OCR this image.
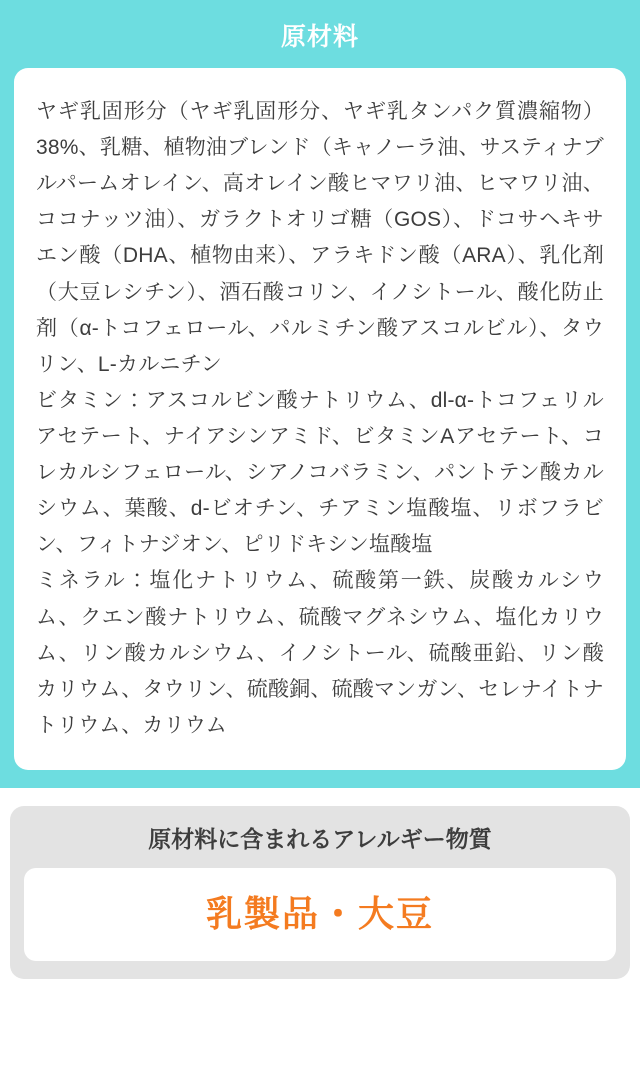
原材料

ヤギ乳固形分（ヤギ乳固形分、ヤギ乳タンパク質濃縮物）38%、乳糖、植物油ブレンド（キャノーラ油、サスティナブルパームオレイン、高オレイン酸ヒマワリ油、ヒマワリ油、ココナッツ油）、ガラクトオリゴ糖（GOS）、ドコサヘキサエン酸（DHA、植物由来）、アラキドン酸（ARA）、乳化剤（大豆レシチン）、酒石酸コリン、イノシトール、酸化防止剤（α-トコフェロール、パルミチン酸アスコルビル）、タウリン、L-カルニチン

ビタミン：アスコルビン酸ナトリウム、dl-α-トコフェリルアセテート、ナイアシンアミド、ビタミンAアセテート、コレカルシフェロール、シアノコバラミン、パントテン酸カルシウム、葉酸、d-ビオチン、チアミン塩酸塩、リボフラビン、フィトナジオン、ピリドキシン塩酸塩

ミネラル：塩化ナトリウム、硫酸第一鉄、炭酸カルシウム、クエン酸ナトリウム、硫酸マグネシウム、塩化カリウム、リン酸カルシウム、イノシトール、硫酸亜鉛、リン酸カリウム、タウリン、硫酸銅、硫酸マンガン、セレナイトナトリウム、カリウム

原材料に含まれるアレルギー物質

乳製品・大豆
